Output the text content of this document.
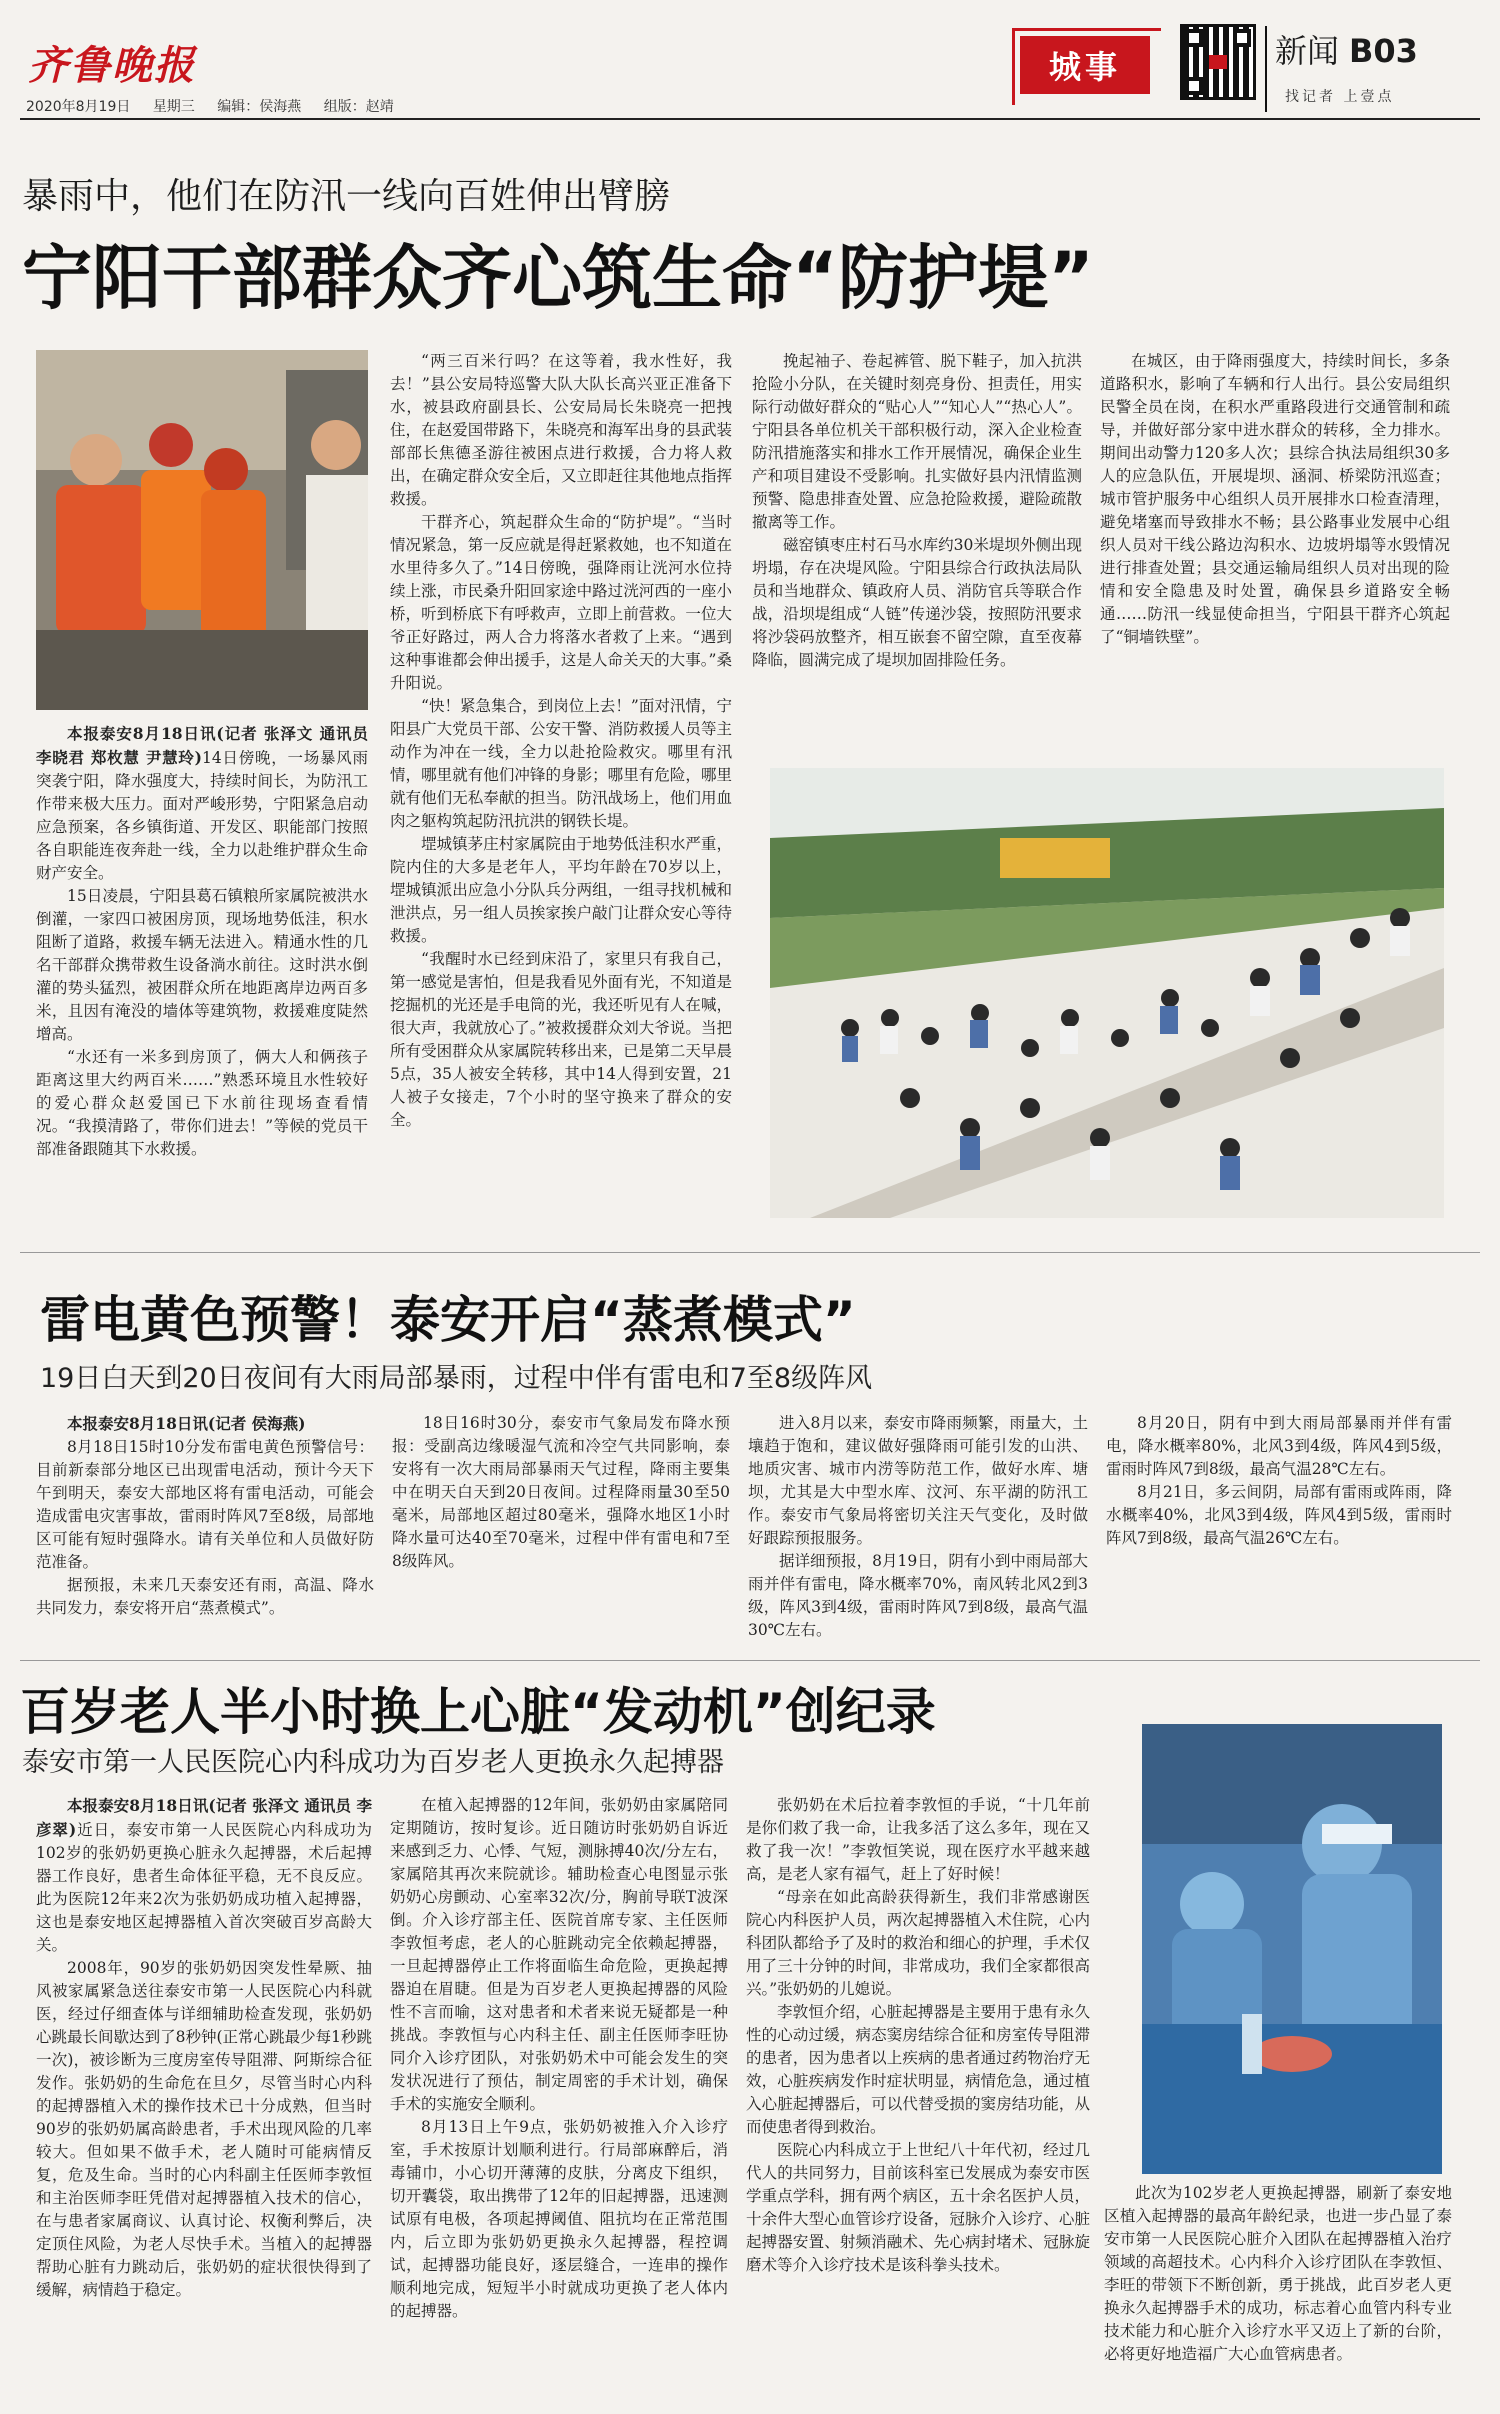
齐鲁晚报
2020年8月19日 星期三 编辑：侯海燕 组版：赵靖
城事	新闻 B03
找记者 上壹点
暴雨中，他们在防汛一线向百姓伸出臂膀
宁阳干部群众齐心筑生命“防护堤”

本报泰安8月18日讯(记者 张泽文 通讯员 李晓君 郑枚慧 尹慧玲)14日傍晚，一场暴风雨突袭宁阳，降水强度大，持续时间长，为防汛工作带来极大压力。面对严峻形势，宁阳紧急启动应急预案，各乡镇街道、开发区、职能部门按照各自职能连夜奔赴一线，全力以赴维护群众生命财产安全。

15日凌晨，宁阳县葛石镇粮所家属院被洪水倒灌，一家四口被困房顶，现场地势低洼，积水阻断了道路，救援车辆无法进入。精通水性的几名干部群众携带救生设备淌水前往。这时洪水倒灌的势头猛烈，被困群众所在地距离岸边两百多米，且因有淹没的墙体等建筑物，救援难度陡然增高。

“水还有一米多到房顶了，俩大人和俩孩子距离这里大约两百米……”熟悉环境且水性较好的爱心群众赵爱国已下水前往现场查看情况。“我摸清路了，带你们进去！”等候的党员干部准备跟随其下水救援。

“两三百米行吗？在这等着，我水性好，我去！”县公安局特巡警大队大队长高兴亚正准备下水，被县政府副县长、公安局局长朱晓亮一把拽住，在赵爱国带路下，朱晓亮和海军出身的县武装部部长焦德圣游往被困点进行救援，合力将人救出，在确定群众安全后，又立即赶往其他地点指挥救援。

干群齐心，筑起群众生命的“防护堤”。“当时情况紧急，第一反应就是得赶紧救她，也不知道在水里待多久了。”14日傍晚，强降雨让洸河水位持续上涨，市民桑升阳回家途中路过洸河西的一座小桥，听到桥底下有呼救声，立即上前营救。一位大爷正好路过，两人合力将落水者救了上来。“遇到这种事谁都会伸出援手，这是人命关天的大事。”桑升阳说。

“快！紧急集合，到岗位上去！”面对汛情，宁阳县广大党员干部、公安干警、消防救援人员等主动作为冲在一线，全力以赴抢险救灾。哪里有汛情，哪里就有他们冲锋的身影；哪里有危险，哪里就有他们无私奉献的担当。防汛战场上，他们用血肉之躯构筑起防汛抗洪的钢铁长堤。

堽城镇茅庄村家属院由于地势低洼积水严重，院内住的大多是老年人，平均年龄在70岁以上，堽城镇派出应急小分队兵分两组，一组寻找机械和泄洪点，另一组人员挨家挨户敲门让群众安心等待救援。

“我醒时水已经到床沿了，家里只有我自己，第一感觉是害怕，但是我看见外面有光，不知道是挖掘机的光还是手电筒的光，我还听见有人在喊，很大声，我就放心了。”被救援群众刘大爷说。当把所有受困群众从家属院转移出来，已是第二天早晨5点，35人被安全转移，其中14人得到安置，21人被子女接走，7个小时的坚守换来了群众的安全。

挽起袖子、卷起裤管、脱下鞋子，加入抗洪抢险小分队，在关键时刻亮身份、担责任，用实际行动做好群众的“贴心人”“知心人”“热心人”。宁阳县各单位机关干部积极行动，深入企业检查防汛措施落实和排水工作开展情况，确保企业生产和项目建设不受影响。扎实做好县内汛情监测预警、隐患排查处置、应急抢险救援，避险疏散撤离等工作。

磁窑镇枣庄村石马水库约30米堤坝外侧出现坍塌，存在决堤风险。宁阳县综合行政执法局队员和当地群众、镇政府人员、消防官兵等联合作战，沿坝堤组成“人链”传递沙袋，按照防汛要求将沙袋码放整齐，相互嵌套不留空隙，直至夜幕降临，圆满完成了堤坝加固排险任务。

在城区，由于降雨强度大，持续时间长，多条道路积水，影响了车辆和行人出行。县公安局组织民警全员在岗，在积水严重路段进行交通管制和疏导，并做好部分家中进水群众的转移，全力排水。期间出动警力120多人次；县综合执法局组织30多人的应急队伍，开展堤坝、涵洞、桥梁防汛巡查；城市管护服务中心组织人员开展排水口检查清理，避免堵塞而导致排水不畅；县公路事业发展中心组织人员对干线公路边沟积水、边坡坍塌等水毁情况进行排查处置；县交通运输局组织人员对出现的险情和安全隐患及时处置，确保县乡道路安全畅通……防汛一线显使命担当，宁阳县干群齐心筑起了“铜墙铁壁”。

雷电黄色预警！泰安开启“蒸煮模式”
19日白天到20日夜间有大雨局部暴雨，过程中伴有雷电和7至8级阵风

本报泰安8月18日讯(记者 侯海燕)

8月18日15时10分发布雷电黄色预警信号：目前新泰部分地区已出现雷电活动，预计今天下午到明天，泰安大部地区将有雷电活动，可能会造成雷电灾害事故，雷雨时阵风7至8级，局部地区可能有短时强降水。请有关单位和人员做好防范准备。

据预报，未来几天泰安还有雨，高温、降水共同发力，泰安将开启“蒸煮模式”。

18日16时30分，泰安市气象局发布降水预报：受副高边缘暖湿气流和冷空气共同影响，泰安将有一次大雨局部暴雨天气过程，降雨主要集中在明天白天到20日夜间。过程降雨量30至50毫米，局部地区超过80毫米，强降水地区1小时降水量可达40至70毫米，过程中伴有雷电和7至8级阵风。

进入8月以来，泰安市降雨频繁，雨量大，土壤趋于饱和，建议做好强降雨可能引发的山洪、地质灾害、城市内涝等防范工作，做好水库、塘坝，尤其是大中型水库、汶河、东平湖的防汛工作。泰安市气象局将密切关注天气变化，及时做好跟踪预报服务。

据详细预报，8月19日，阴有小到中雨局部大雨并伴有雷电，降水概率70%，南风转北风2到3级，阵风3到4级，雷雨时阵风7到8级，最高气温30℃左右。

8月20日，阴有中到大雨局部暴雨并伴有雷电，降水概率80%，北风3到4级，阵风4到5级，雷雨时阵风7到8级，最高气温28℃左右。

8月21日，多云间阴，局部有雷雨或阵雨，降水概率40%，北风3到4级，阵风4到5级，雷雨时阵风7到8级，最高气温26℃左右。

百岁老人半小时换上心脏“发动机”创纪录
泰安市第一人民医院心内科成功为百岁老人更换永久起搏器

本报泰安8月18日讯(记者 张泽文 通讯员 李彦翠)近日，泰安市第一人民医院心内科成功为102岁的张奶奶更换心脏永久起搏器，术后起搏器工作良好，患者生命体征平稳，无不良反应。此为医院12年来2次为张奶奶成功植入起搏器，这也是泰安地区起搏器植入首次突破百岁高龄大关。

2008年，90岁的张奶奶因突发性晕厥、抽风被家属紧急送往泰安市第一人民医院心内科就医，经过仔细查体与详细辅助检查发现，张奶奶心跳最长间歇达到了8秒钟(正常心跳最少每1秒跳一次)，被诊断为三度房室传导阻滞、阿斯综合征发作。张奶奶的生命危在旦夕，尽管当时心内科的起搏器植入术的操作技术已十分成熟，但当时90岁的张奶奶属高龄患者，手术出现风险的几率较大。但如果不做手术，老人随时可能病情反复，危及生命。当时的心内科副主任医师李敦恒和主治医师李旺凭借对起搏器植入技术的信心，在与患者家属商议、认真讨论、权衡利弊后，决定顶住风险，为老人尽快手术。当植入的起搏器帮助心脏有力跳动后，张奶奶的症状很快得到了缓解，病情趋于稳定。

在植入起搏器的12年间，张奶奶由家属陪同定期随访，按时复诊。近日随访时张奶奶自诉近来感到乏力、心悸、气短，测脉搏40次/分左右，家属陪其再次来院就诊。辅助检查心电图显示张奶奶心房颤动、心室率32次/分，胸前导联T波深倒。介入诊疗部主任、医院首席专家、主任医师李敦恒考虑，老人的心脏跳动完全依赖起搏器，一旦起搏器停止工作将面临生命危险，更换起搏器迫在眉睫。但是为百岁老人更换起搏器的风险性不言而喻，这对患者和术者来说无疑都是一种挑战。李敦恒与心内科主任、副主任医师李旺协同介入诊疗团队，对张奶奶术中可能会发生的突发状况进行了预估，制定周密的手术计划，确保手术的实施安全顺利。

8月13日上午9点，张奶奶被推入介入诊疗室，手术按原计划顺利进行。行局部麻醉后，消毒铺巾，小心切开薄薄的皮肤，分离皮下组织，切开囊袋，取出携带了12年的旧起搏器，迅速测试原有电极，各项起搏阈值、阻抗均在正常范围内，后立即为张奶奶更换永久起搏器，程控调试，起搏器功能良好，逐层缝合，一连串的操作顺利地完成，短短半小时就成功更换了老人体内的起搏器。

张奶奶在术后拉着李敦恒的手说，“十几年前是你们救了我一命，让我多活了这么多年，现在又救了我一次！”李敦恒笑说，现在医疗水平越来越高，是老人家有福气，赶上了好时候！

“母亲在如此高龄获得新生，我们非常感谢医院心内科医护人员，两次起搏器植入术住院，心内科团队都给予了及时的救治和细心的护理，手术仅用了三十分钟的时间，非常成功，我们全家都很高兴。”张奶奶的儿媳说。

李敦恒介绍，心脏起搏器是主要用于患有永久性的心动过缓，病态窦房结综合征和房室传导阻滞的患者，因为患者以上疾病的患者通过药物治疗无效，心脏疾病发作时症状明显，病情危急，通过植入心脏起搏器后，可以代替受损的窦房结功能，从而使患者得到救治。

医院心内科成立于上世纪八十年代初，经过几代人的共同努力，目前该科室已发展成为泰安市医学重点学科，拥有两个病区，五十余名医护人员，十余件大型心血管诊疗设备，冠脉介入诊疗、心脏起搏器安置、射频消融术、先心病封堵术、冠脉旋磨术等介入诊疗技术是该科拳头技术。

此次为102岁老人更换起搏器，刷新了泰安地区植入起搏器的最高年龄纪录，也进一步凸显了泰安市第一人民医院心脏介入团队在起搏器植入治疗领域的高超技术。心内科介入诊疗团队在李敦恒、李旺的带领下不断创新，勇于挑战，此百岁老人更换永久起搏器手术的成功，标志着心血管内科专业技术能力和心脏介入诊疗水平又迈上了新的台阶，必将更好地造福广大心血管病患者。
